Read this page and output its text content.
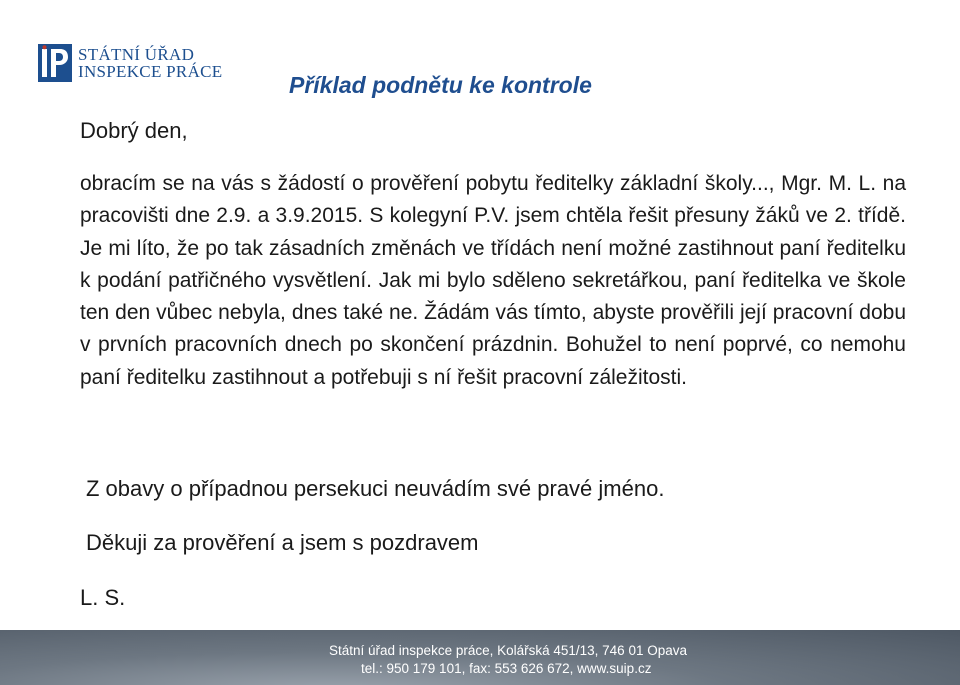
STÁTNÍ ÚŘAD
INSPEKCE PRÁCE
Příklad podnětu ke kontrole
Dobrý den,
obracím se na vás s žádostí o prověření pobytu ředitelky základní školy..., Mgr. M. L. na pracovišti dne 2.9. a 3.9.2015. S kolegyní P.V. jsem chtěla řešit přesuny žáků ve 2. třídě. Je mi líto, že po tak zásadních změnách ve třídách není možné zastihnout paní ředitelku k podání patřičného vysvětlení. Jak mi bylo sděleno sekretářkou, paní ředitelka ve škole ten den vůbec nebyla, dnes také ne. Žádám vás tímto, abyste prověřili její pracovní dobu v prvních pracovních dnech po skončení prázdnin. Bohužel to není poprvé, co nemohu paní ředitelku zastihnout a potřebuji s ní řešit pracovní záležitosti.
Z obavy o případnou persekuci neuvádím své pravé jméno.
Děkuji za prověření a jsem s pozdravem
L. S.
Státní úřad inspekce práce, Kolářská 451/13, 746 01 Opava
tel.: 950 179 101, fax: 553 626 672, www.suip.cz
